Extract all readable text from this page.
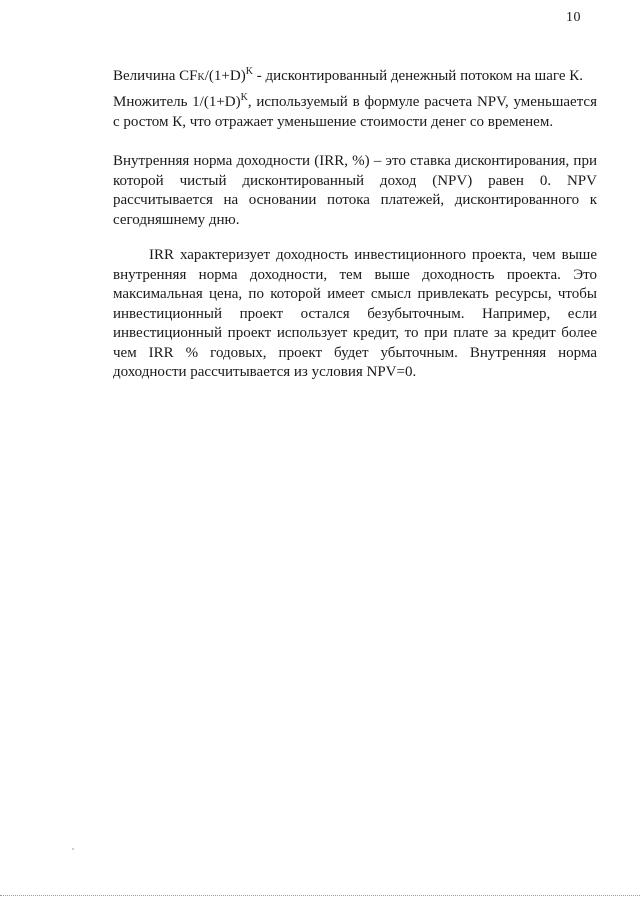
10

Величина CFK/$(1+D)^K$ - дисконтированный денежный потоком на шаге К.

Множитель $1/(1+D)^K$, используемый в формуле расчета NPV, уменьшается с ростом К, что отражает уменьшение стоимости денег со временем.

Внутренняя норма доходности (IRR, %) – это ставка дисконтирования, при которой чистый дисконтированный доход (NPV) равен 0. NPV рассчитывается на основании потока платежей, дисконтированного к сегодняшнему дню.

IRR характеризует доходность инвестиционного проекта, чем выше внутренняя норма доходности, тем выше доходность проекта. Это максимальная цена, по которой имеет смысл привлекать ресурсы, чтобы инвестиционный проект остался безубыточным. Например, если инвестиционный проект использует кредит, то при плате за кредит более чем IRR % годовых, проект будет убыточным. Внутренняя норма доходности рассчитывается из условия NPV=0.
